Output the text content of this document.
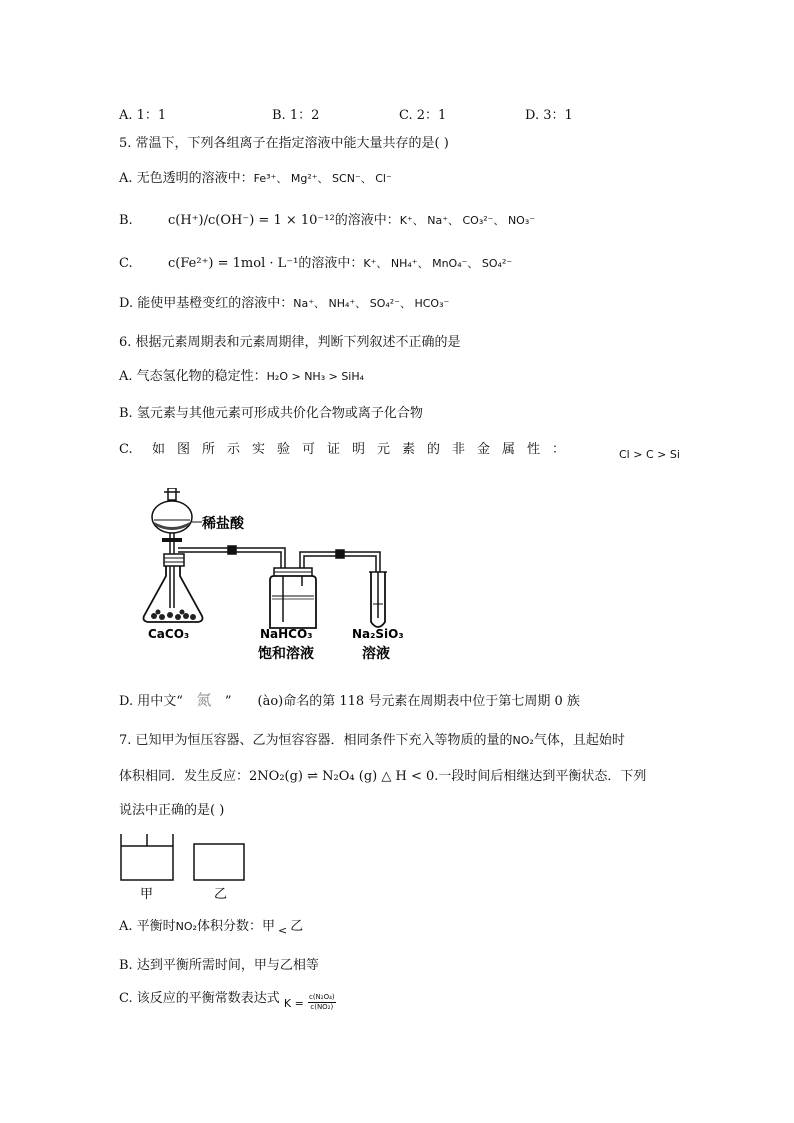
A. 1：1	B. 1：2	C. 2：1	D. 3：1
5. 常温下，下列各组离子在指定溶液中能大量共存的是( )
A. 无色透明的溶液中：Fe³⁺、 Mg²⁺、 SCN⁻、 Cl⁻
B.	c(H⁺)/c(OH⁻) = 1 × 10⁻¹²的溶液中：K⁺、 Na⁺、 CO₃²⁻、 NO₃⁻
C.	c(Fe²⁺) = 1mol · L⁻¹的溶液中：K⁺、 NH₄⁺、 MnO₄⁻、 SO₄²⁻
D. 能使甲基橙变红的溶液中：Na⁺、 NH₄⁺、 SO₄²⁻、 HCO₃⁻
6. 根据元素周期表和元素周期律，判断下列叙述不正确的是
A. 气态氢化物的稳定性：H₂O > NH₃ > SiH₄
B. 氢元素与其他元素可形成共价化合物或离子化合物
C. 如图所示实验可证明元素的非金属性：	Cl > C > Si
稀盐酸
CaCO₃	NaHCO₃
饱和溶液
Na₂SiO₃
溶液
D. 用中文“ 氮 ” (ào)命名的第 118 号元素在周期表中位于第七周期 0 族
7. 已知甲为恒压容器、乙为恒容容器．相同条件下充入等物质的量的NO₂气体，且起始时
体积相同．发生反应：2NO₂(g) ⇌ N₂O₄ (g) △ H < 0.一段时间后相继达到平衡状态．下列
说法中正确的是( )
甲	乙
A. 平衡时NO₂体积分数：甲 $_<$ 乙
B. 达到平衡所需时间，甲与乙相等
C. 该反应的平衡常数表达式 $_{K =} \frac{\text{c(N₂O₄)}}{\text{c(NO₂)}}$
